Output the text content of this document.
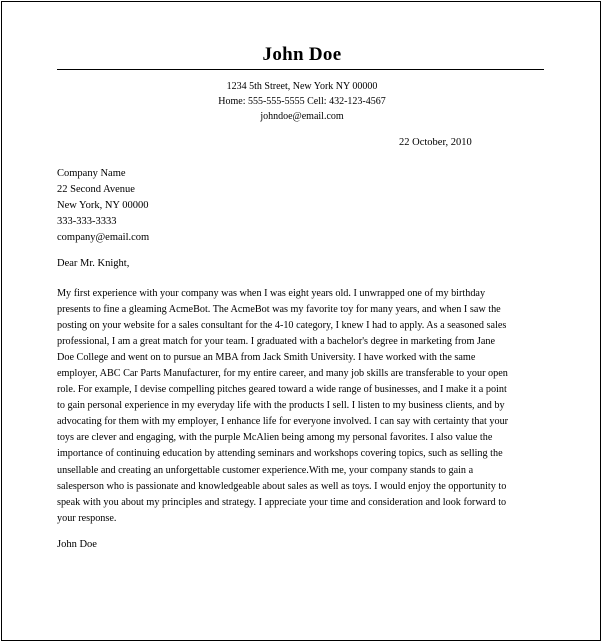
John Doe
1234 5th Street, New York NY 00000
Home: 555-555-5555 Cell: 432-123-4567
johndoe@email.com
22 October, 2010
Company Name
22 Second Avenue
New York, NY 00000
333-333-3333
company@email.com
Dear Mr. Knight,
My first experience with your company was when I was eight years old. I unwrapped one of my birthday
presents to fine a gleaming AcmeBot. The AcmeBot was my favorite toy for many years, and when I saw the
posting on your website for a sales consultant for the 4-10 category, I knew I had to apply. As a seasoned sales
professional, I am a great match for your team. I graduated with a bachelor's degree in marketing from Jane
Doe College and went on to pursue an MBA from Jack Smith University. I have worked with the same
employer, ABC Car Parts Manufacturer, for my entire career, and many job skills are transferable to your open
role. For example, I devise compelling pitches geared toward a wide range of businesses, and I make it a point
to gain personal experience in my everyday life with the products I sell. I listen to my business clients, and by
advocating for them with my employer, I enhance life for everyone involved. I can say with certainty that your
toys are clever and engaging, with the purple McAlien being among my personal favorites. I also value the
importance of continuing education by attending seminars and workshops covering topics, such as selling the
unsellable and creating an unforgettable customer experience.With me, your company stands to gain a
salesperson who is passionate and knowledgeable about sales as well as toys. I would enjoy the opportunity to
speak with you about my principles and strategy. I appreciate your time and consideration and look forward to
your response.
John Doe
